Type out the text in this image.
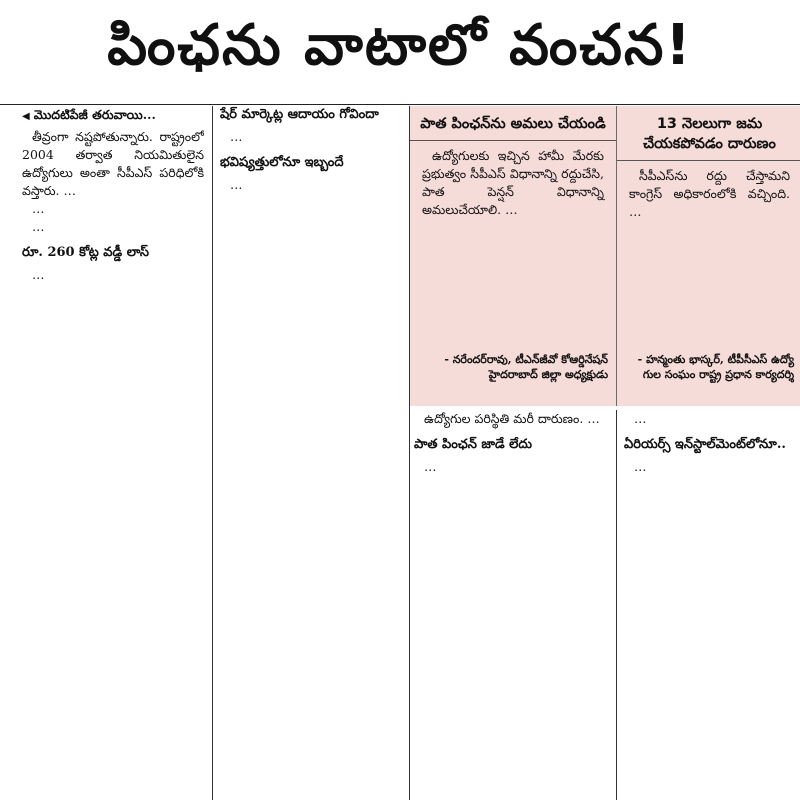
పింఛను వాటాలో వంచన!
◀ మొదటిపేజీ తరువాయి...

తీవ్రంగా నష్టపోతున్నారు. రాష్ట్రంలో 2004 తర్వాత నియమితులైన ఉద్యోగులు అంతా సీపీఎస్ పరిధిలోకి వస్తారు. …

…

…

రూ. 260 కోట్ల వడ్డీ లాస్

…

షేర్ మార్కెట్ల ఆదాయం గోవిందా

…

భవిష్యత్తులోనూ ఇబ్బందే

…

పాత పింఛన్‌ను అమలు చేయండి

ఉద్యోగులకు ఇచ్చిన హామీ మేరకు ప్రభుత్వం సీపీఎస్ విధానాన్ని రద్దుచేసి, పాత పెన్షన్ విధానాన్ని అమలుచేయాలి. …

- నరేందర్‌రావు, టీఎన్‌జీవో కోఆర్డినేషన్
హైదరాబాద్ జిల్లా అధ్యక్షుడు
13 నెలలుగా జమ చేయకపోవడం దారుణం

సీపీఎస్‌ను రద్దు చేస్తామని కాంగ్రెస్ అధికారంలోకి వచ్చింది. …

- హన్మంతు భాస్కర్, టీపీసీఎస్ ఉద్యో
గుల సంఘం రాష్ట్ర ప్రధాన కార్యదర్శి

ఉద్యోగుల పరిస్థితి మరీ దారుణం. …

పాత పింఛన్ జాడే లేదు

…

…

ఏరియర్స్ ఇన్‌స్టాల్‌మెంట్‌లోనూ..

…
